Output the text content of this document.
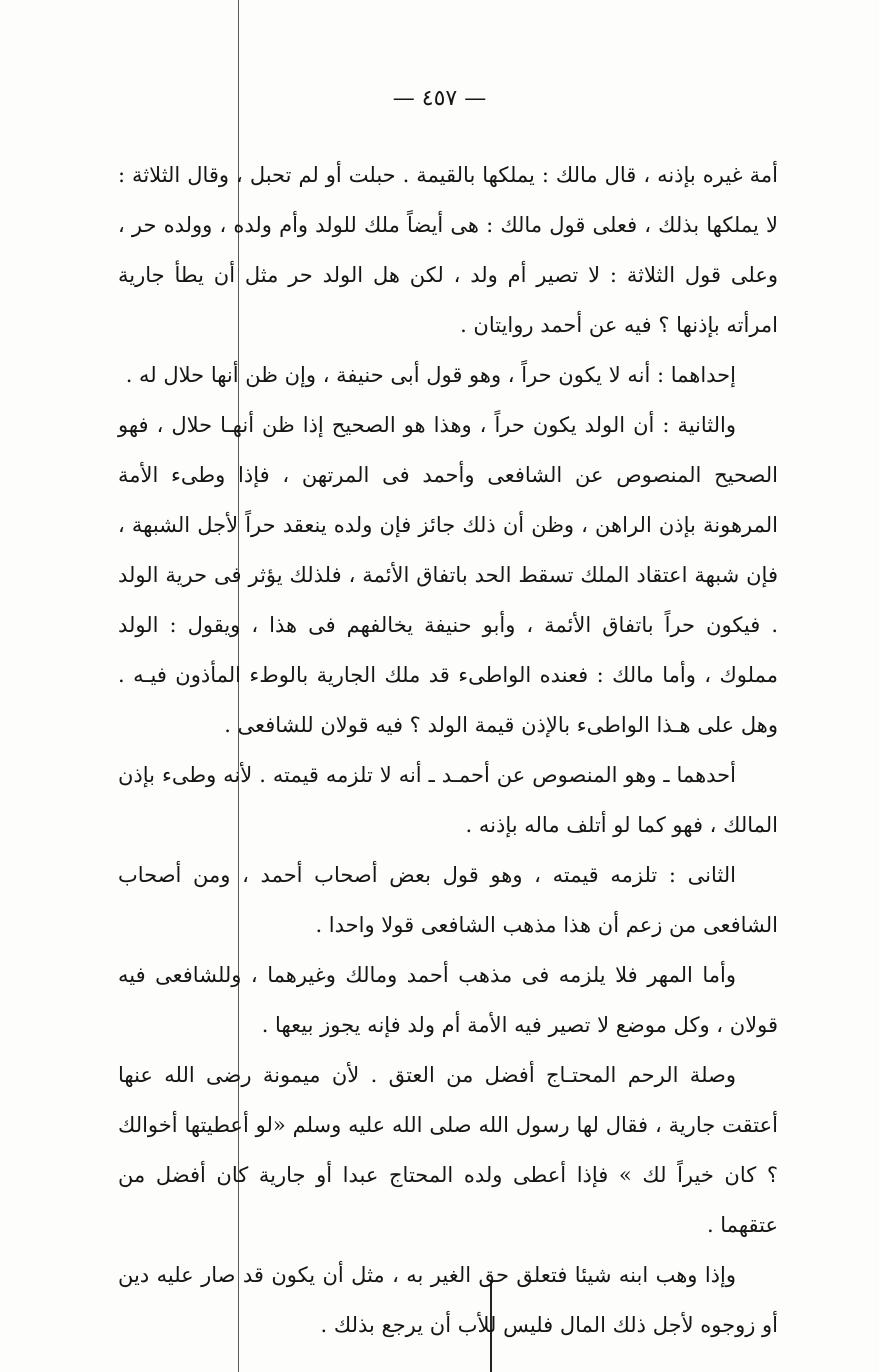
— ٤٥٧ —

أمة غيره بإذنه ، قال مالك : يملكها بالقيمة . حبلت أو لم تحبل ، وقال الثلاثة : لا يملكها بذلك ، فعلى قول مالك : هى أيضاً ملك للولد وأم ولده ، وولده حر ، وعلى قول الثلاثة : لا تصير أم ولد ، لكن هل الولد حر مثل أن يطأ جارية امرأته بإذنها ؟ فيه عن أحمد روايتان .

إحداهما : أنه لا يكون حراً ، وهو قول أبى حنيفة ، وإن ظن أنها حلال له .

والثانية : أن الولد يكون حراً ، وهذا هو الصحيح إذا ظن أنهـا حلال ، فهو الصحيح المنصوص عن الشافعى وأحمد فى المرتهن ، فإذا وطىء الأمة المرهونة بإذن الراهن ، وظن أن ذلك جائز فإن ولده ينعقد حراً لأجل الشبهة ، فإن شبهة اعتقاد الملك تسقط الحد باتفاق الأئمة ، فلذلك يؤثر فى حرية الولد . فيكون حراً باتفاق الأئمة ، وأبو حنيفة يخالفهم فى هذا ، ويقول : الولد مملوك ، وأما مالك : فعنده الواطىء قد ملك الجارية بالوطء المأذون فيـه . وهل على هـذا الواطىء بالإذن قيمة الولد ؟ فيه قولان للشافعى .

أحدهما ـ وهو المنصوص عن أحمـد ـ أنه لا تلزمه قيمته . لأنه وطىء بإذن المالك ، فهو كما لو أتلف ماله بإذنه .

الثانى : تلزمه قيمته ، وهو قول بعض أصحاب أحمد ، ومن أصحاب الشافعى من زعم أن هذا مذهب الشافعى قولا واحدا .

وأما المهر فلا يلزمه فى مذهب أحمد ومالك وغيرهما ، وللشافعى فيه قولان ، وكل موضع لا تصير فيه الأمة أم ولد فإنه يجوز بيعها .

وصلة الرحم المحتـاج أفضل من العتق . لأن ميمونة رضى الله عنها أعتقت جارية ، فقال لها رسول الله صلى الله عليه وسلم «لو أعطيتها أخوالك ؟ كان خيراً لك » فإذا أعطى ولده المحتاج عبدا أو جارية كان أفضل من عتقهما .

وإذا وهب ابنه شيئا فتعلق حق الغير به ، مثل أن يكون قد صار عليه دين أو زوجوه لأجل ذلك المال فليس للأب أن يرجع بذلك .
